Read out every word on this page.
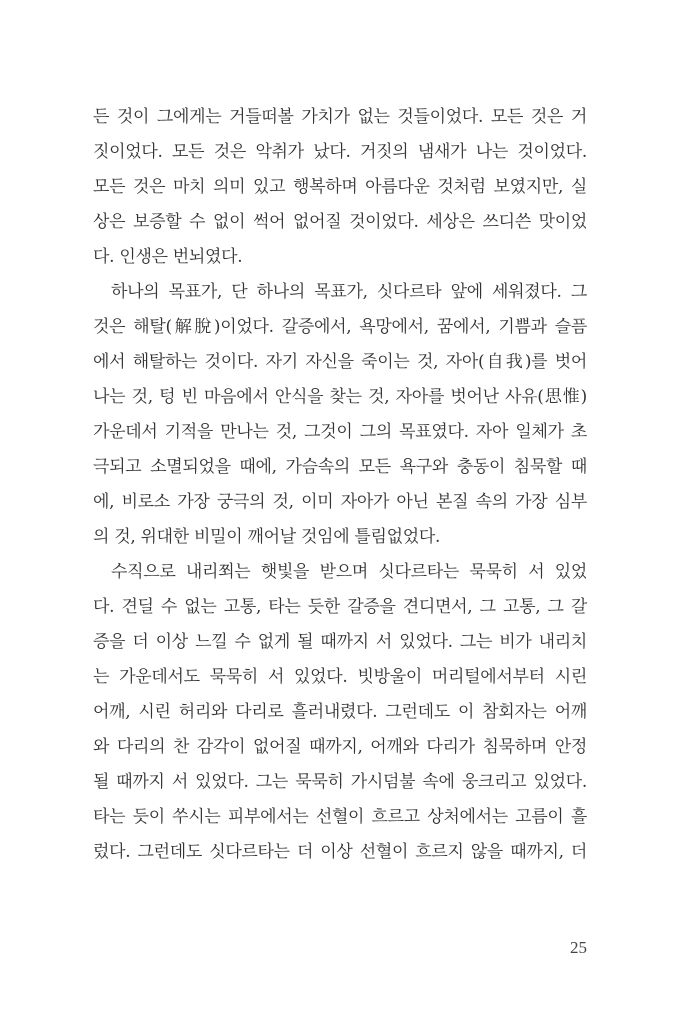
든 것이 그에게는 거들떠볼 가치가 없는 것들이었다. 모든 것은 거
짓이었다. 모든 것은 악취가 났다. 거짓의 냄새가 나는 것이었다.
모든 것은 마치 의미 있고 행복하며 아름다운 것처럼 보였지만, 실
상은 보증할 수 없이 썩어 없어질 것이었다. 세상은 쓰디쓴 맛이었
다. 인생은 번뇌였다.
하나의 목표가, 단 하나의 목표가, 싯다르타 앞에 세워졌다. 그
것은 해탈(解脫)이었다. 갈증에서, 욕망에서, 꿈에서, 기쁨과 슬픔
에서 해탈하는 것이다. 자기 자신을 죽이는 것, 자아(自我)를 벗어
나는 것, 텅 빈 마음에서 안식을 찾는 것, 자아를 벗어난 사유(思惟)
가운데서 기적을 만나는 것, 그것이 그의 목표였다. 자아 일체가 초
극되고 소멸되었을 때에, 가슴속의 모든 욕구와 충동이 침묵할 때
에, 비로소 가장 궁극의 것, 이미 자아가 아닌 본질 속의 가장 심부
의 것, 위대한 비밀이 깨어날 것임에 틀림없었다.
수직으로 내리쬐는 햇빛을 받으며 싯다르타는 묵묵히 서 있었
다. 견딜 수 없는 고통, 타는 듯한 갈증을 견디면서, 그 고통, 그 갈
증을 더 이상 느낄 수 없게 될 때까지 서 있었다. 그는 비가 내리치
는 가운데서도 묵묵히 서 있었다. 빗방울이 머리털에서부터 시린
어깨, 시린 허리와 다리로 흘러내렸다. 그런데도 이 참회자는 어깨
와 다리의 찬 감각이 없어질 때까지, 어깨와 다리가 침묵하며 안정
될 때까지 서 있었다. 그는 묵묵히 가시덤불 속에 웅크리고 있었다.
타는 듯이 쑤시는 피부에서는 선혈이 흐르고 상처에서는 고름이 흘
렀다. 그런데도 싯다르타는 더 이상 선혈이 흐르지 않을 때까지, 더
25
